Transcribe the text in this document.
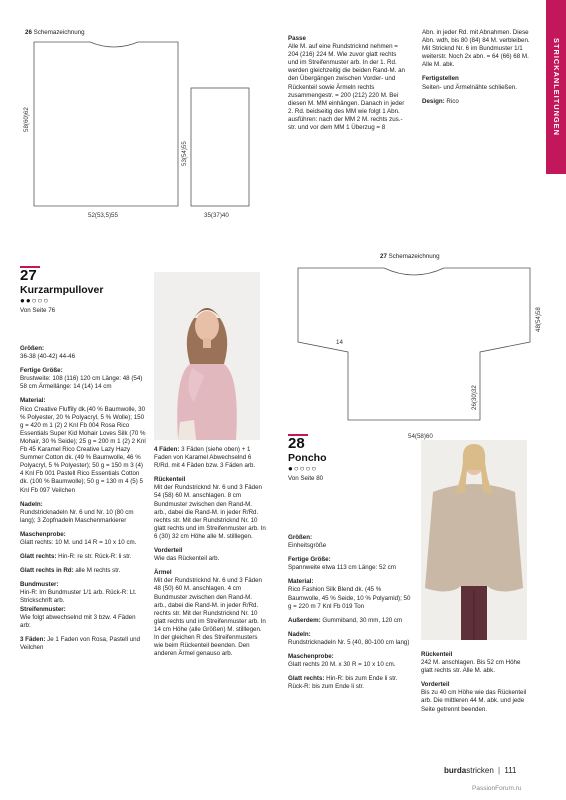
STRICKANLEITUNGEN
26 Schemazeichnung
58(60)62
52(53,5)55
53(54)55
35(37)40

Passe

Alle M. auf eine Rundstricknd nehmen = 204 (216) 224 M. Wie zuvor glatt rechts und im Streifenmuster arb. In der 1. Rd. werden gleichzeitig die beiden Rand-M. an den Übergängen zwischen Vorder- und Rückenteil sowie Ärmeln rechts zusammengestr. = 200 (212) 220 M. Bei diesen M. MM einhängen. Danach in jeder 2. Rd. beidseitig des MM wie folgt 1 Abn. ausführen: nach der MM 2 M. rechts zus.-str. und vor dem MM 1 Überzug = 8

Abn. in jeder Rd. mit Abnahmen. Diese Abn. wdh, bis 80 (84) 84 M. verbleiben. Mit Stricknd Nr. 6 im Bundmuster 1/1 weiterstr. Noch 2x abn. = 64 (66) 68 M. Alle M. abk.

Fertigstellen

Seiten- und Ärmelnähte schließen.

Design: Rico

27
Kurzarmpullover
●●○○○
Von Seite 76

Größen:

36-38 (40-42) 44-46

Fertige Größe:

Brustweite: 108 (116) 120 cm Länge: 48 (54) 58 cm Ärmellänge: 14 (14) 14 cm

Material:

Rico Creative Fluffily dk.(40 % Baumwolle, 30 % Polyester, 20 % Polyacryl, 5 % Wolle); 150 g = 420 m 1 (2) 2 Knl Fb 004 Rosa Rico Essentials Super Kid Mohair Loves Silk (70 % Mohair, 30 % Seide); 25 g = 200 m 1 (2) 2 Knl Fb 45 Karamel Rico Creative Lazy Hazy Summer Cotton dk. (49 % Baumwolle, 46 % Polyacryl, 5 % Polyester); 50 g = 150 m 3 (4) 4 Knl Fb 001 Pastell Rico Essentials Cotton dk. (100 % Baumwolle); 50 g = 130 m 4 (5) 5 Knl Fb 097 Veilchen

Nadeln:

Rundstricknadeln Nr. 6 und Nr. 10 (80 cm lang); 3 Zopfnadeln Maschenmarkierer

Maschenprobe:

Glatt rechts: 10 M. und 14 R = 10 x 10 cm.

Glatt rechts: Hin-R: re str. Rück-R: li str.

Glatt rechts in Rd: alle M rechts str.

Bundmuster:

Hin-R: Im Bundmuster 1/1 arb. Rück-R: Lt. Strickschrift arb.

Streifenmuster:

Wie folgt abwechselnd mit 3 bzw. 4 Fäden arb:

3 Fäden: Je 1 Faden von Rosa, Pastell und Veilchen

4 Fäden: 3 Fäden (siehe oben) + 1 Faden von Karamel Abwechselnd 6 R/Rd. mit 4 Fäden bzw. 3 Fäden arb.

Rückenteil

Mit der Rundstricknd Nr. 6 und 3 Fäden 54 (58) 60 M. anschlagen. 8 cm Bundmuster zwischen den Rand-M. arb., dabei die Rand-M. in jeder R/Rd. rechts str. Mit der Rundstricknd Nr. 10 glatt rechts und im Streifenmuster arb. In 6 (30) 32 cm Höhe alle M. stilllegen.

Vorderteil

Wie das Rückenteil arb.

Ärmel

Mit der Rundstricknd Nr. 6 und 3 Fäden 48 (50) 60 M. anschlagen. 4 cm Bundmuster zwischen den Rand-M. arb., dabei die Rand-M. in jeder R/Rd. rechts str. Mit der Rundstricknd Nr. 10 glatt rechts und im Streifenmuster arb. In 14 cm Höhe (alle Größen) M. stilllegen. In der gleichen R des Streifenmusters wie beim Rückenteil beenden. Den anderen Ärmel genauso arb.

27 Schemazeichnung
48(54)58
14
26(30)32
54(58)60
28
Poncho
●○○○○
Von Seite 80

Größen:

Einheitsgröße

Fertige Größe:

Spannweite etwa 113 cm Länge: 52 cm

Material:

Rico Fashion Silk Blend dk. (45 % Baumwolle, 45 % Seide, 10 % Polyamid); 50 g = 220 m 7 Knl Fb 019 Ton

Außerdem: Gummiband, 30 mm, 120 cm

Nadeln:

Rundstricknadeln Nr. 5 (40, 80-100 cm lang)

Maschenprobe:

Glatt rechts 20 M. x 30 R = 10 x 10 cm.

Glatt rechts: Hin-R: bis zum Ende li str. Rück-R: bis zum Ende li str.

Rückenteil

242 M. anschlagen. Bis 52 cm Höhe glatt rechts str. Alle M. abk.

Vorderteil

Bis zu 40 cm Höhe wie das Rückenteil arb. Die mittleren 44 M. abk. und jede Seite getrennt beenden.

burdastricken | 111
PassionForum.ru
